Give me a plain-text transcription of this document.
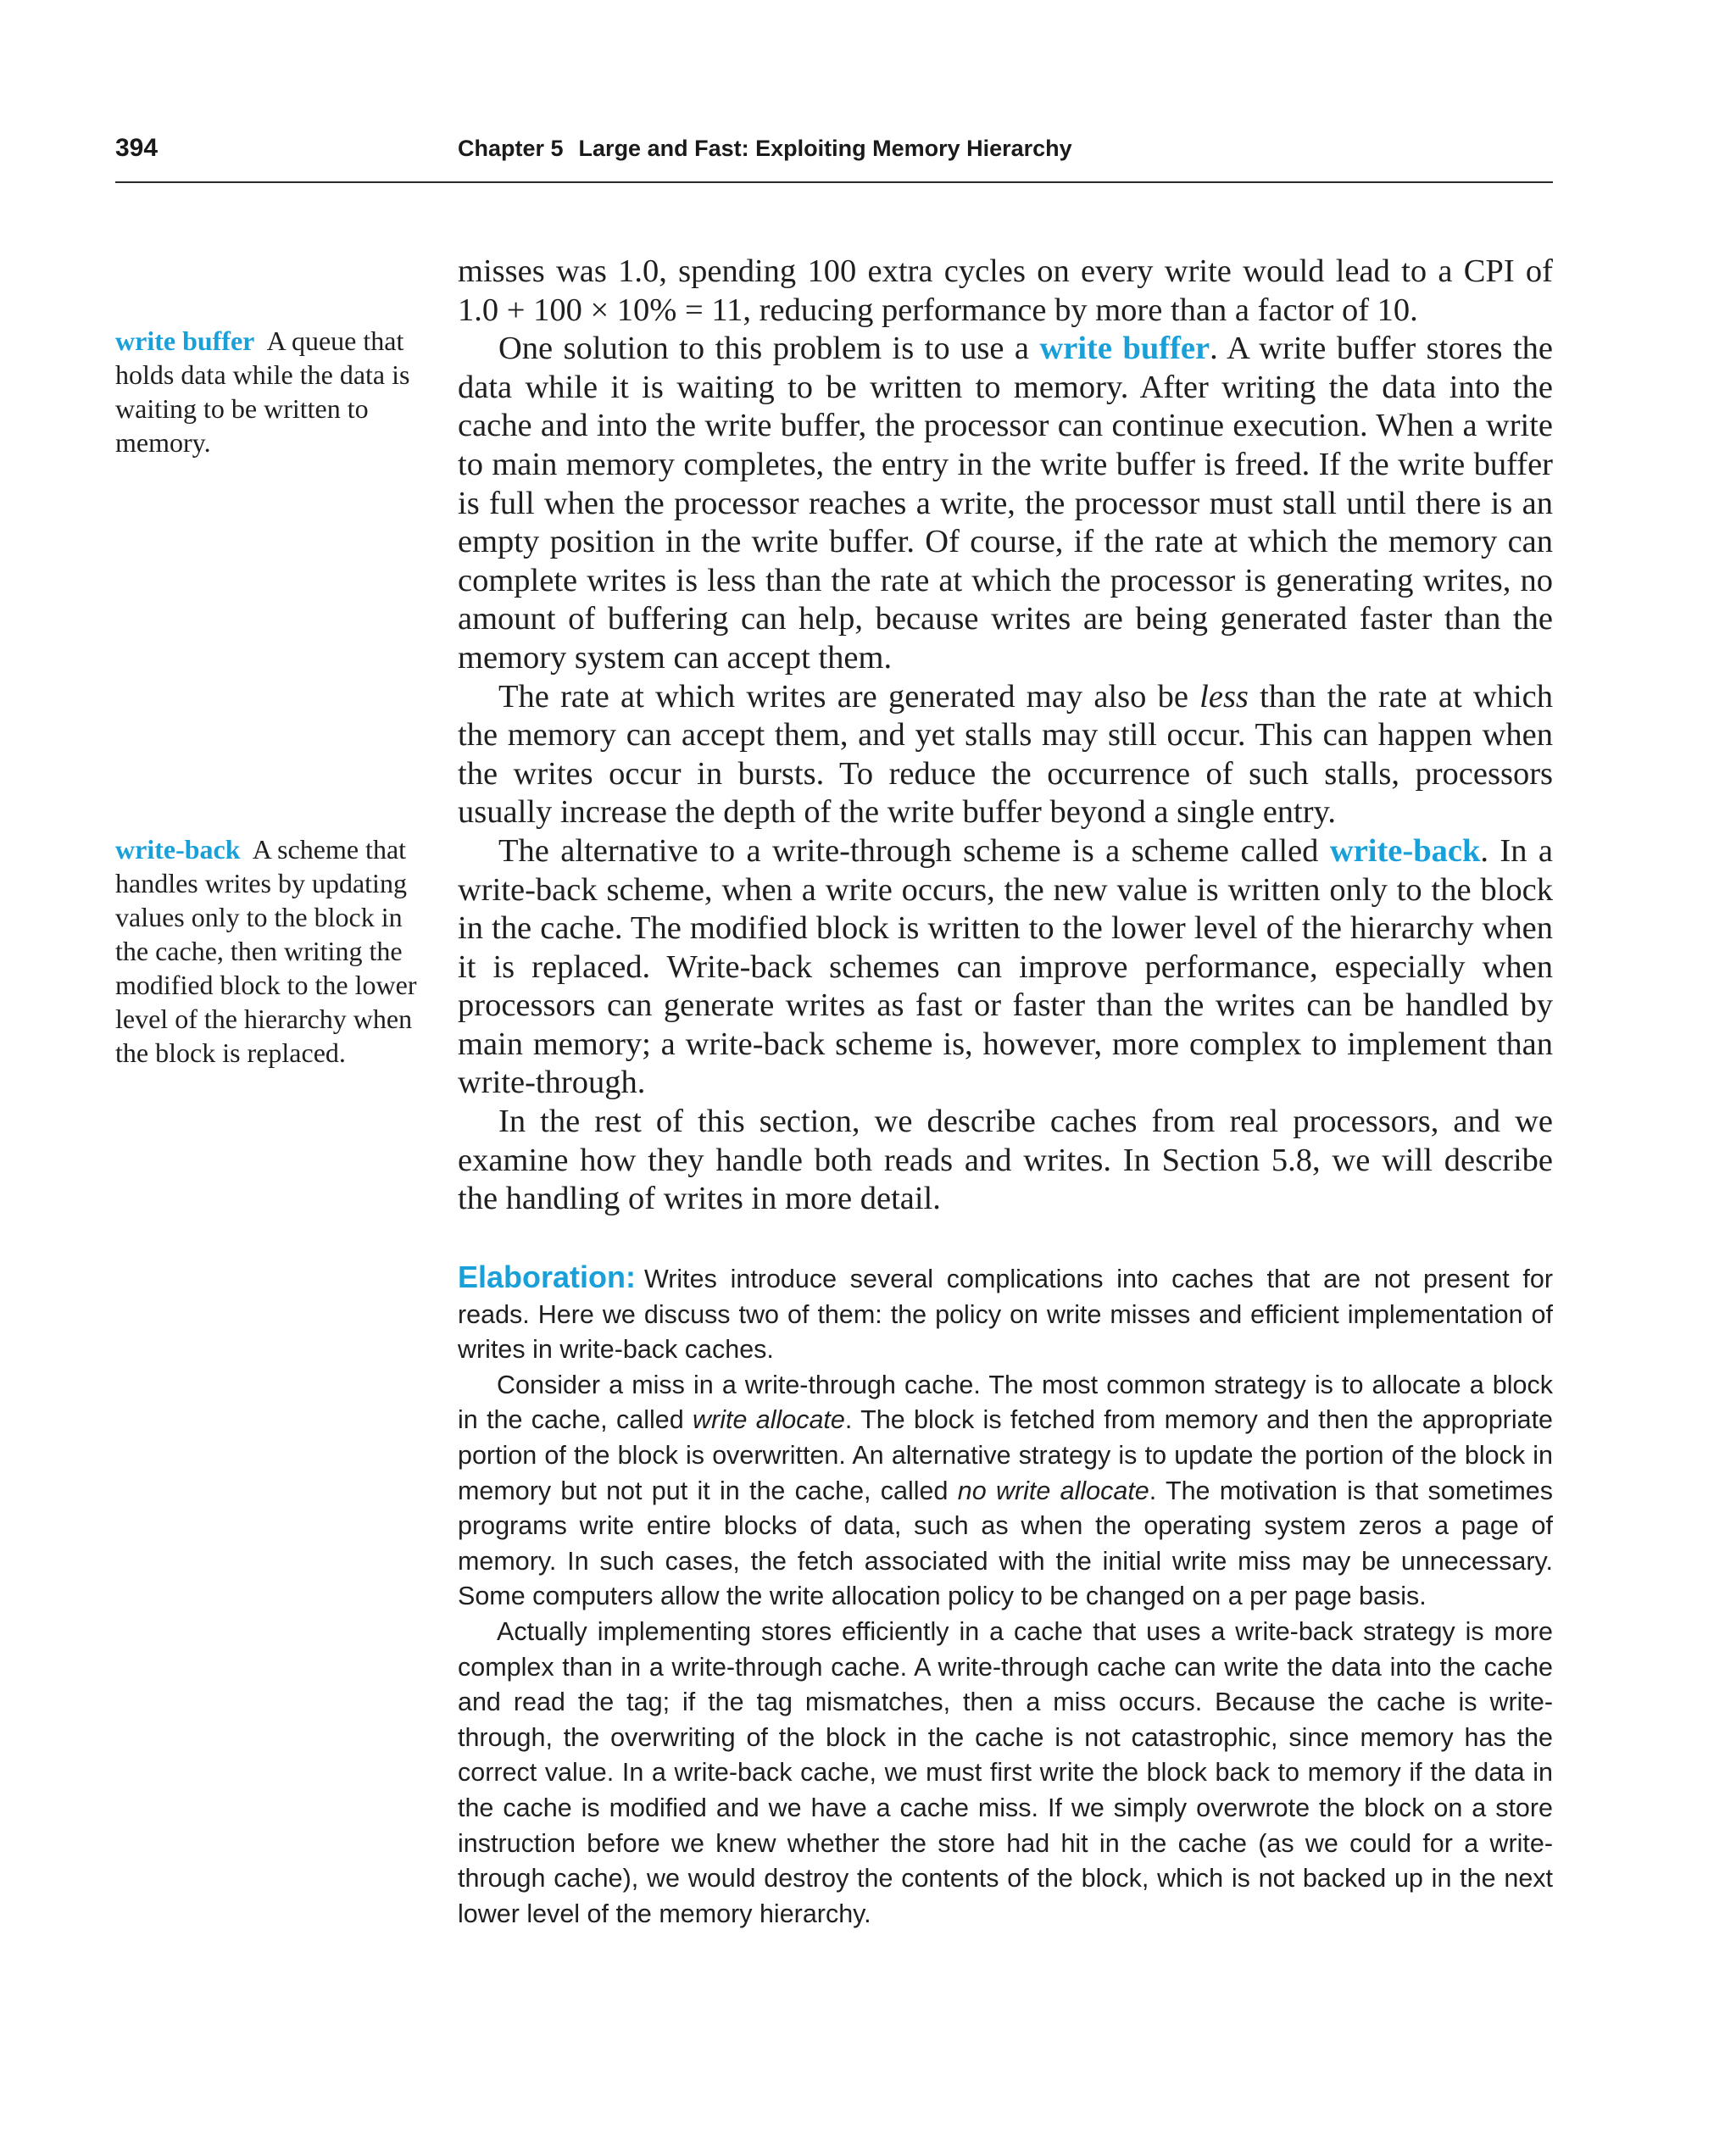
394	Chapter 5 Large and Fast: Exploiting Memory Hierarchy
write buffer A queue that holds data while the data is waiting to be written to memory.
write-back A scheme that handles writes by updating values only to the block in the cache, then writing the modified block to the lower level of the hierarchy when the block is replaced.

misses was 1.0, spending 100 extra cycles on every write would lead to a CPI of 1.0 + 100 × 10% = 11, reducing performance by more than a factor of 10.

One solution to this problem is to use a write buffer. A write buffer stores the data while it is waiting to be written to memory. After writing the data into the cache and into the write buffer, the processor can continue execution. When a write to main memory completes, the entry in the write buffer is freed. If the write buffer is full when the processor reaches a write, the processor must stall until there is an empty position in the write buffer. Of course, if the rate at which the memory can complete writes is less than the rate at which the processor is generating writes, no amount of buffering can help, because writes are being generated faster than the memory system can accept them.

The rate at which writes are generated may also be less than the rate at which the memory can accept them, and yet stalls may still occur. This can happen when the writes occur in bursts. To reduce the occurrence of such stalls, processors usually increase the depth of the write buffer beyond a single entry.

The alternative to a write-through scheme is a scheme called write-back. In a write-back scheme, when a write occurs, the new value is written only to the block in the cache. The modified block is written to the lower level of the hierarchy when it is replaced. Write-back schemes can improve performance, especially when processors can generate writes as fast or faster than the writes can be handled by main memory; a write-back scheme is, however, more complex to implement than write-through.

In the rest of this section, we describe caches from real processors, and we examine how they handle both reads and writes. In Section 5.8, we will describe the handling of writes in more detail.

Elaboration: Writes introduce several complications into caches that are not present for reads. Here we discuss two of them: the policy on write misses and efficient implementation of writes in write-back caches.

Consider a miss in a write-through cache. The most common strategy is to allocate a block in the cache, called write allocate. The block is fetched from memory and then the appropriate portion of the block is overwritten. An alternative strategy is to update the portion of the block in memory but not put it in the cache, called no write allocate. The motivation is that sometimes programs write entire blocks of data, such as when the operating system zeros a page of memory. In such cases, the fetch associated with the initial write miss may be unnecessary. Some computers allow the write allocation policy to be changed on a per page basis.

Actually implementing stores efficiently in a cache that uses a write-back strategy is more complex than in a write-through cache. A write-through cache can write the data into the cache and read the tag; if the tag mismatches, then a miss occurs. Because the cache is write-through, the overwriting of the block in the cache is not catastrophic, since memory has the correct value. In a write-back cache, we must first write the block back to memory if the data in the cache is modified and we have a cache miss. If we simply overwrote the block on a store instruction before we knew whether the store had hit in the cache (as we could for a write-through cache), we would destroy the contents of the block, which is not backed up in the next lower level of the memory hierarchy.
